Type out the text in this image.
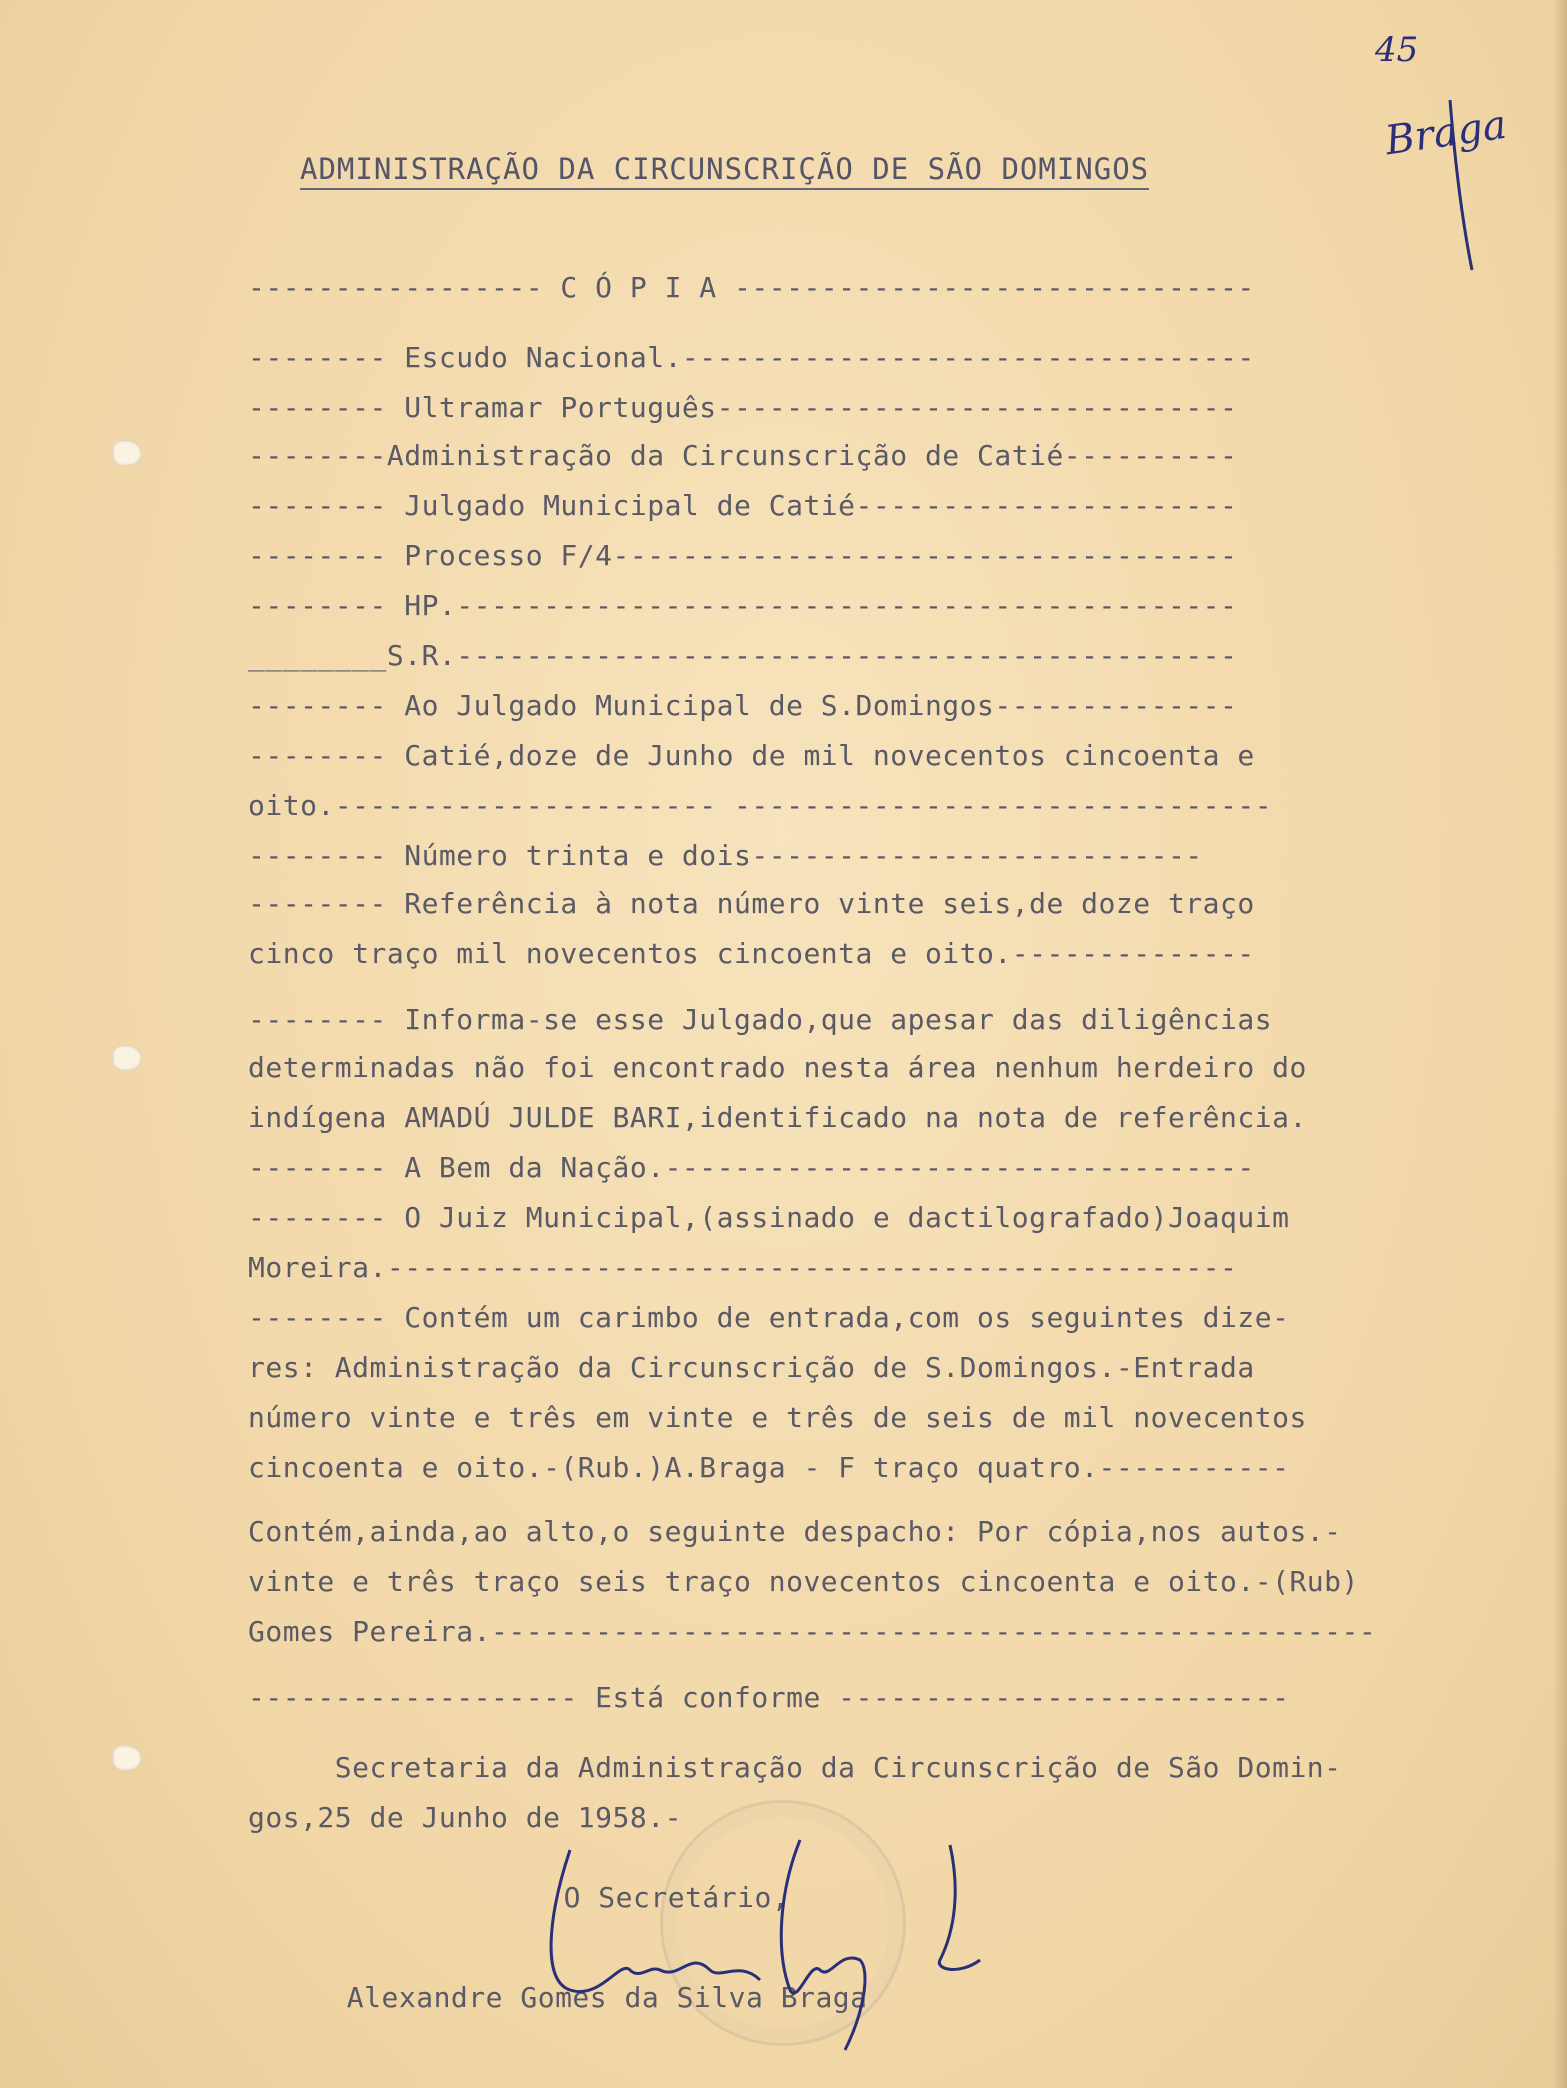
ADMINISTRAÇÃO DA CIRCUNSCRIÇÃO DE SÃO DOMINGOS
45
Braga
----------------- C Ó P I A ------------------------------
-------- Escudo Nacional.---------------------------------
-------- Ultramar Português------------------------------
--------Administração da Circunscrição de Catié----------
-------- Julgado Municipal de Catié----------------------
-------- Processo F/4------------------------------------
-------- HP.---------------------------------------------
________S.R.---------------------------------------------
-------- Ao Julgado Municipal de S.Domingos--------------
-------- Catié,doze de Junho de mil novecentos cincoenta e
oito.---------------------- -------------------------------
-------- Número trinta e dois--------------------------
-------- Referência à nota número vinte seis,de doze traço
cinco traço mil novecentos cincoenta e oito.--------------
-------- Informa-se esse Julgado,que apesar das diligências
determinadas não foi encontrado nesta área nenhum herdeiro do
indígena AMADÚ JULDE BARI,identificado na nota de referência.
-------- A Bem da Nação.----------------------------------
-------- O Juiz Municipal,(assinado e dactilografado)Joaquim
Moreira.-------------------------------------------------
-------- Contém um carimbo de entrada,com os seguintes dize-
res: Administração da Circunscrição de S.Domingos.-Entrada
número vinte e três em vinte e três de seis de mil novecentos
cincoenta e oito.-(Rub.)A.Braga - F traço quatro.-----------
Contém,ainda,ao alto,o seguinte despacho: Por cópia,nos autos.-
vinte e três traço seis traço novecentos cincoenta e oito.-(Rub)
Gomes Pereira.---------------------------------------------------
------------------- Está conforme --------------------------
Secretaria da Administração da Circunscrição de São Domin-
gos,25 de Junho de 1958.-
O Secretário,
Alexandre Gomes da Silva Braga
